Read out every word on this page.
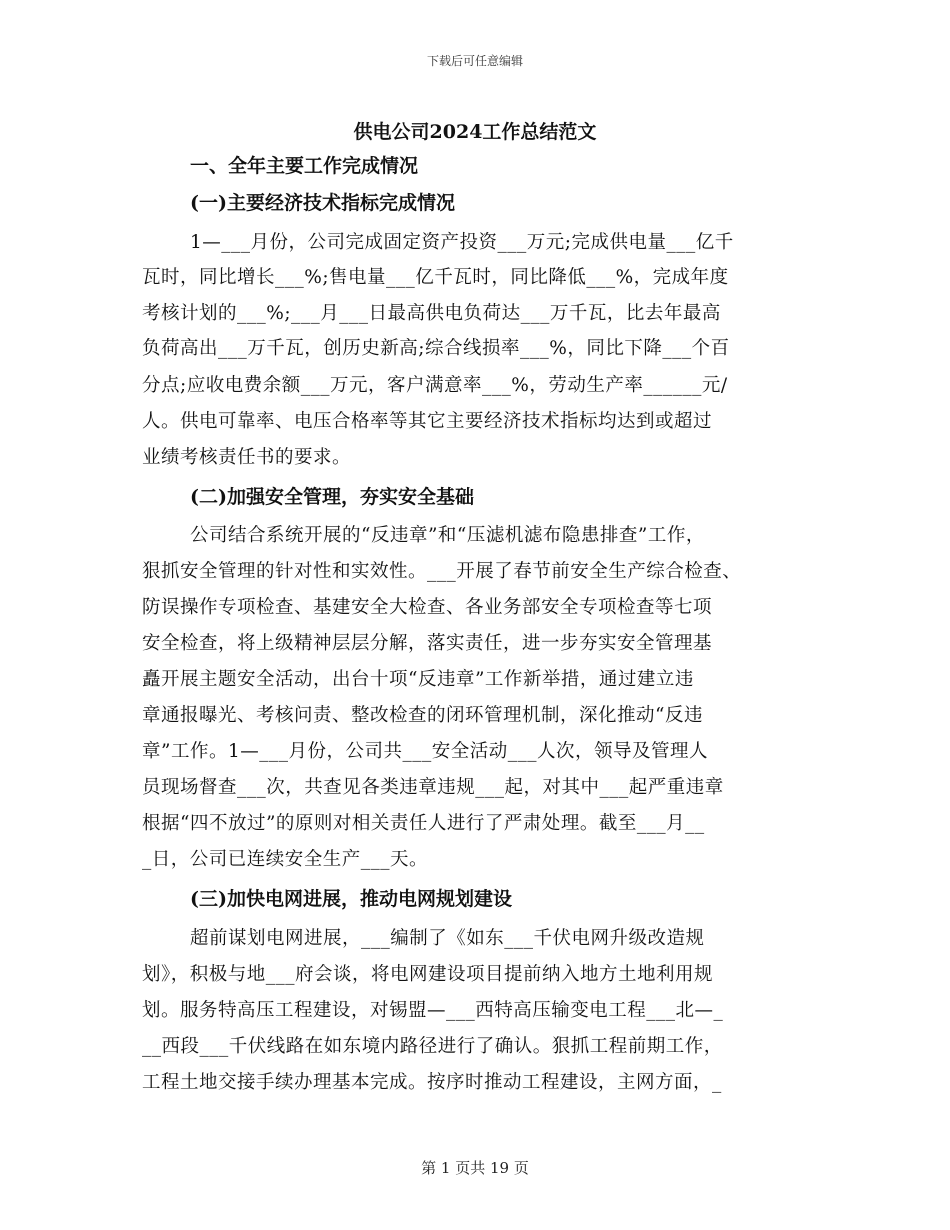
下载后可任意编辑
供电公司2024工作总结范文
一、全年主要工作完成情况
(一)主要经济技术指标完成情况
1—___月份，公司完成固定资产投资___万元;完成供电量___亿千
瓦时，同比增长___%;售电量___亿千瓦时，同比降低___%，完成年度
考核计划的___%;___月___日最高供电负荷达___万千瓦，比去年最高
负荷高出___万千瓦，创历史新高;综合线损率___%，同比下降___个百
分点;应收电费余额___万元，客户满意率___%，劳动生产率______元/
人。供电可靠率、电压合格率等其它主要经济技术指标均达到或超过
业绩考核责任书的要求。
(二)加强安全管理，夯实安全基础
公司结合系统开展的“反违章”和“压滤机滤布隐患排查”工作，
狠抓安全管理的针对性和实效性。___开展了春节前安全生产综合检查、
防误操作专项检查、基建安全大检查、各业务部安全专项检查等七项
安全检查，将上级精神层层分解，落实责任，进一步夯实安全管理基
矗开展主题安全活动，出台十项“反违章”工作新举措，通过建立违
章通报曝光、考核问责、整改检查的闭环管理机制，深化推动“反违
章”工作。1—___月份，公司共___安全活动___人次，领导及管理人
员现场督查___次，共查见各类违章违规___起，对其中___起严重违章
根据“四不放过”的原则对相关责任人进行了严肃处理。截至___月__
_日，公司已连续安全生产___天。
(三)加快电网进展，推动电网规划建设
超前谋划电网进展，___编制了《如东___千伏电网升级改造规
划》，积极与地___府会谈，将电网建设项目提前纳入地方土地利用规
划。服务特高压工程建设，对锡盟—___西特高压输变电工程___北—_
__西段___千伏线路在如东境内路径进行了确认。狠抓工程前期工作，
工程土地交接手续办理基本完成。按序时推动工程建设，主网方面，_
第 1 页共 19 页
